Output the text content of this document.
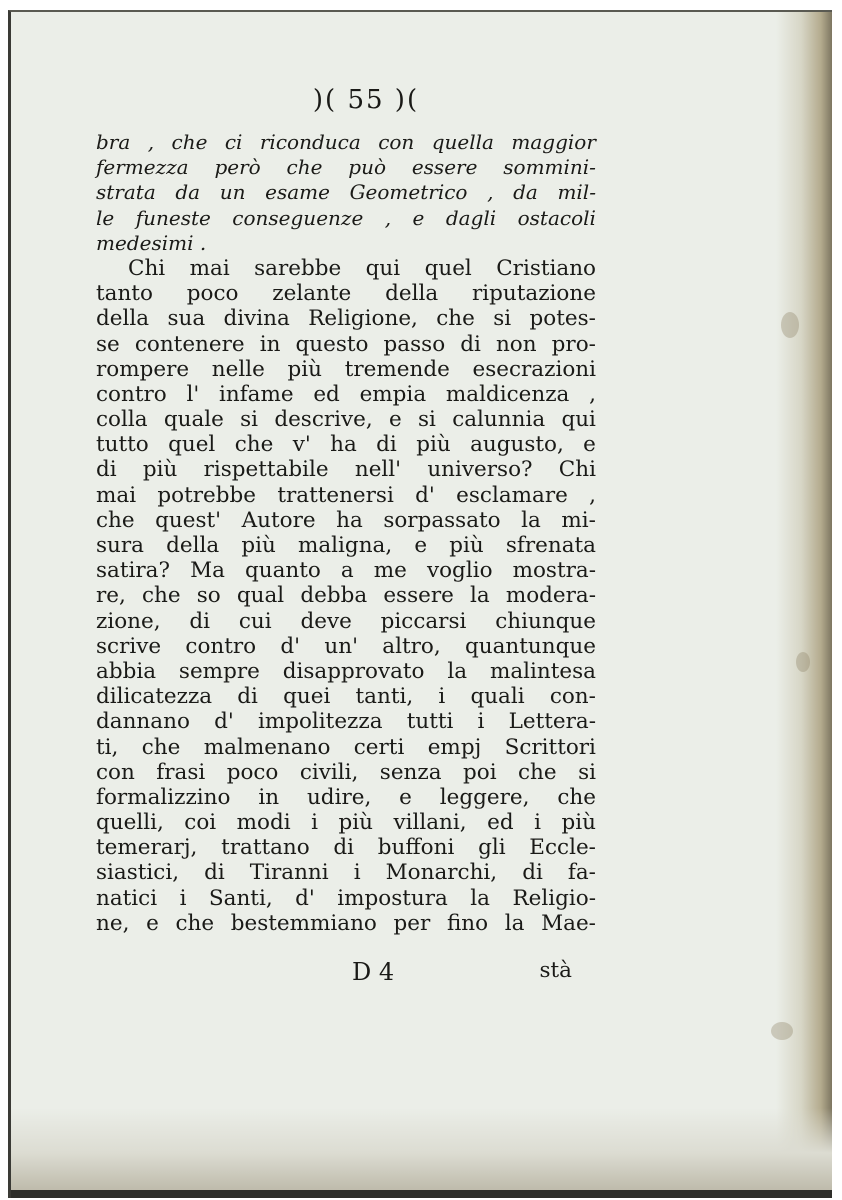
)( 55 )(
bra , che ci riconduca con quella maggior
fermezza però che può essere sommini-
strata da un esame Geometrico , da mil-
le funeste conseguenze , e dagli ostacoli
medesimi .
Chi mai sarebbe qui quel Cristiano
tanto poco zelante della riputazione
della sua divina Religione, che si potes-
se contenere in questo passo di non pro-
rompere nelle più tremende esecrazioni
contro l' infame ed empia maldicenza ,
colla quale si descrive, e si calunnia qui
tutto quel che v' ha di più augusto, e
di più rispettabile nell' universo? Chi
mai potrebbe trattenersi d' esclamare ,
che quest' Autore ha sorpassato la mi-
sura della più maligna, e più sfrenata
satira? Ma quanto a me voglio mostra-
re, che so qual debba essere la modera-
zione, di cui deve piccarsi chiunque
scrive contro d' un' altro, quantunque
abbia sempre disapprovato la malintesa
dilicatezza di quei tanti, i quali con-
dannano d' impolitezza tutti i Lettera-
ti, che malmenano certi empj Scrittori
con frasi poco civili, senza poi che si
formalizzino in udire, e leggere, che
quelli, coi modi i più villani, ed i più
temerarj, trattano di buffoni gli Eccle-
siastici, di Tiranni i Monarchi, di fa-
natici i Santi, d' impostura la Religio-
ne, e che bestemmiano per fino la Mae-
D 4	stà
